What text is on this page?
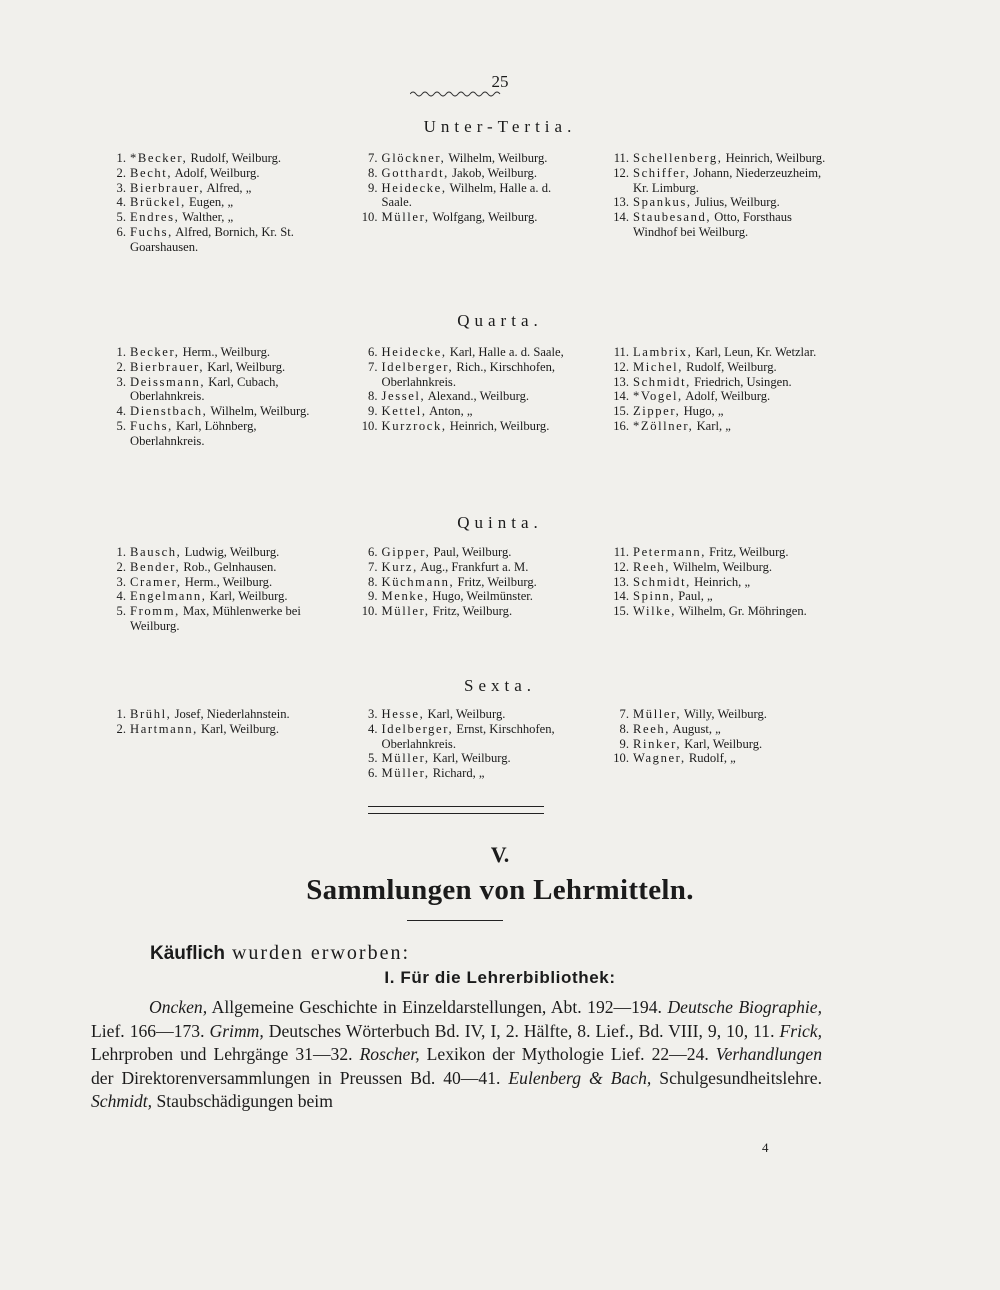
25
Unter-Tertia.
1. *Becker, Rudolf, Weilburg.
2. Becht, Adolf, Weilburg.
3. Bierbrauer, Alfred, „
4. Brückel, Eugen, „
5. Endres, Walther, „
6. Fuchs, Alfred, Bornich, Kr. St. Goarshausen.
7. Glöckner, Wilhelm, Weilburg.
8. Gotthardt, Jakob, Weilburg.
9. Heidecke, Wilhelm, Halle a. d. Saale.
10. Müller, Wolfgang, Weilburg.
11. Schellenberg, Heinrich, Weilburg.
12. Schiffer, Johann, Niederzeuzheim, Kr. Limburg.
13. Spankus, Julius, Weilburg.
14. Staubesand, Otto, Forsthaus Windhof bei Weilburg.
Quarta.
1. Becker, Herm., Weilburg.
2. Bierbrauer, Karl, Weilburg.
3. Deissmann, Karl, Cubach, Oberlahnkreis.
4. Dienstbach, Wilhelm, Weilburg.
5. Fuchs, Karl, Löhnberg, Oberlahnkreis.
6. Heidecke, Karl, Halle a. d. Saale,
7. Idelberger, Rich., Kirschhofen, Oberlahnkreis.
8. Jessel, Alexand., Weilburg.
9. Kettel, Anton, „
10. Kurzrock, Heinrich, Weilburg.
11. Lambrix, Karl, Leun, Kr. Wetzlar.
12. Michel, Rudolf, Weilburg.
13. Schmidt, Friedrich, Usingen.
14. *Vogel, Adolf, Weilburg.
15. Zipper, Hugo, „
16. *Zöllner, Karl, „
Quinta.
1. Bausch, Ludwig, Weilburg.
2. Bender, Rob., Gelnhausen.
3. Cramer, Herm., Weilburg.
4. Engelmann, Karl, Weilburg.
5. Fromm, Max, Mühlenwerke bei Weilburg.
6. Gipper, Paul, Weilburg.
7. Kurz, Aug., Frankfurt a. M.
8. Küchmann, Fritz, Weilburg.
9. Menke, Hugo, Weilmünster.
10. Müller, Fritz, Weilburg.
11. Petermann, Fritz, Weilburg.
12. Reeh, Wilhelm, Weilburg.
13. Schmidt, Heinrich, „
14. Spinn, Paul, „
15. Wilke, Wilhelm, Gr. Möhringen.
Sexta.
1. Brühl, Josef, Niederlahnstein.
2. Hartmann, Karl, Weilburg.
3. Hesse, Karl, Weilburg.
4. Idelberger, Ernst, Kirschhofen, Oberlahnkreis.
5. Müller, Karl, Weilburg.
6. Müller, Richard, „
7. Müller, Willy, Weilburg.
8. Reeh, August, „
9. Rinker, Karl, Weilburg.
10. Wagner, Rudolf, „
V.
Sammlungen von Lehrmitteln.
Käuflich wurden erworben:
I. Für die Lehrerbibliothek:
Oncken, Allgemeine Geschichte in Einzeldarstellungen, Abt. 192—194. Deutsche Biographie, Lief. 166—173. Grimm, Deutsches Wörterbuch Bd. IV, I, 2. Hälfte, 8. Lief., Bd. VIII, 9, 10, 11. Frick, Lehrproben und Lehrgänge 31—32. Roscher, Lexikon der Mythologie Lief. 22—24. Verhandlungen der Direktorenversammlungen in Preussen Bd. 40—41. Eulenberg & Bach, Schulgesundheitslehre. Schmidt, Staubschädigungen beim
4
